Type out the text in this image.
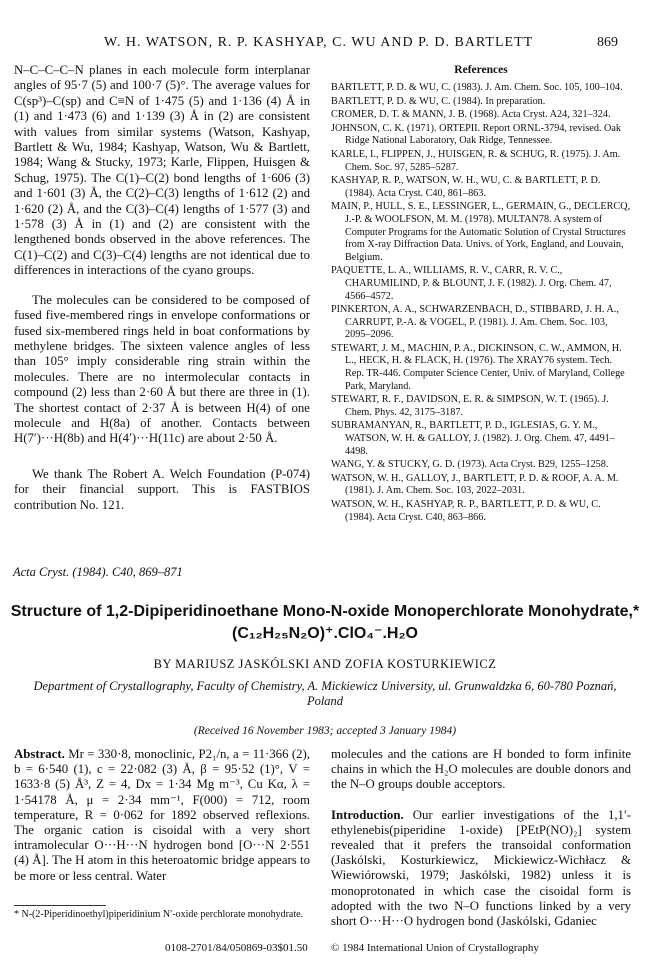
W. H. WATSON, R. P. KASHYAP, C. WU AND P. D. BARTLETT	869

N–C–C–C–N planes in each molecule form interplanar angles of 95·7 (5) and 100·7 (5)°. The average values for C(sp³)–C(sp) and C≡N of 1·475 (5) and 1·136 (4) Å in (1) and 1·473 (6) and 1·139 (3) Å in (2) are consistent with values from similar systems (Watson, Kashyap, Bartlett & Wu, 1984; Kashyap, Watson, Wu & Bartlett, 1984; Wang & Stucky, 1973; Karle, Flippen, Huisgen & Schug, 1975). The C(1)–C(2) bond lengths of 1·606 (3) and 1·601 (3) Å, the C(2)–C(3) lengths of 1·612 (2) and 1·620 (2) Å, and the C(3)–C(4) lengths of 1·577 (3) and 1·578 (3) Å in (1) and (2) are consistent with the lengthened bonds observed in the above references. The C(1)–C(2) and C(3)–C(4) lengths are not identical due to differences in interactions of the cyano groups.

The molecules can be considered to be composed of fused five-membered rings in envelope conformations or fused six-membered rings held in boat conformations by methylene bridges. The sixteen valence angles of less than 105° imply considerable ring strain within the molecules. There are no intermolecular contacts in compound (2) less than 2·60 Å but there are three in (1). The shortest contact of 2·37 Å is between H(4) of one molecule and H(8a) of another. Contacts between H(7′)···H(8b) and H(4′)···H(11c) are about 2·50 Å.

We thank The Robert A. Welch Foundation (P-074) for their financial support. This is FASTBIOS contribution No. 121.

References
BARTLETT, P. D. & WU, C. (1983). J. Am. Chem. Soc. 105, 100–104.
BARTLETT, P. D. & WU, C. (1984). In preparation.
CROMER, D. T. & MANN, J. B. (1968). Acta Cryst. A24, 321–324.
JOHNSON, C. K. (1971). ORTEPII. Report ORNL-3794, revised. Oak Ridge National Laboratory, Oak Ridge, Tennessee.
KARLE, I., FLIPPEN, J., HUISGEN, R. & SCHUG, R. (1975). J. Am. Chem. Soc. 97, 5285–5287.
KASHYAP, R. P., WATSON, W. H., WU, C. & BARTLETT, P. D. (1984). Acta Cryst. C40, 861–863.
MAIN, P., HULL, S. E., LESSINGER, L., GERMAIN, G., DECLERCQ, J.-P. & WOOLFSON, M. M. (1978). MULTAN78. A system of Computer Programs for the Automatic Solution of Crystal Structures from X-ray Diffraction Data. Univs. of York, England, and Louvain, Belgium.
PAQUETTE, L. A., WILLIAMS, R. V., CARR, R. V. C., CHARUMILIND, P. & BLOUNT, J. F. (1982). J. Org. Chem. 47, 4566–4572.
PINKERTON, A. A., SCHWARZENBACH, D., STIBBARD, J. H. A., CARRUPT, P.-A. & VOGEL, P. (1981). J. Am. Chem. Soc. 103, 2095–2096.
STEWART, J. M., MACHIN, P. A., DICKINSON, C. W., AMMON, H. L., HECK, H. & FLACK, H. (1976). The XRAY76 system. Tech. Rep. TR-446. Computer Science Center, Univ. of Maryland, College Park, Maryland.
STEWART, R. F., DAVIDSON, E. R. & SIMPSON, W. T. (1965). J. Chem. Phys. 42, 3175–3187.
SUBRAMANYAN, R., BARTLETT, P. D., IGLESIAS, G. Y. M., WATSON, W. H. & GALLOY, J. (1982). J. Org. Chem. 47, 4491–4498.
WANG, Y. & STUCKY, G. D. (1973). Acta Cryst. B29, 1255–1258.
WATSON, W. H., GALLOY, J., BARTLETT, P. D. & ROOF, A. A. M. (1981). J. Am. Chem. Soc. 103, 2022–2031.
WATSON, W. H., KASHYAP, R. P., BARTLETT, P. D. & WU, C. (1984). Acta Cryst. C40, 863–866.
Acta Cryst. (1984). C40, 869–871
Structure of 1,2-Dipiperidinoethane Mono-N-oxide Monoperchlorate Monohydrate,*
(C₁₂H₂₅N₂O)⁺.ClO₄⁻.H₂O
BY MARIUSZ JASKÓLSKI AND ZOFIA KOSTURKIEWICZ
Department of Crystallography, Faculty of Chemistry, A. Mickiewicz University, ul. Grunwaldzka 6, 60-780 Poznań, Poland
(Received 16 November 1983; accepted 3 January 1984)

Abstract. Mr = 330·8, monoclinic, P2₁/n, a = 11·366 (2), b = 6·540 (1), c = 22·082 (3) Å, β = 95·52 (1)°, V = 1633·8 (5) Å³, Z = 4, Dx = 1·34 Mg m⁻³, Cu Kα, λ = 1·54178 Å, μ = 2·34 mm⁻¹, F(000) = 712, room temperature, R = 0·062 for 1892 observed reflexions. The organic cation is cisoidal with a very short intramolecular O···H···N hydrogen bond [O···N 2·551 (4) Å]. The H atom in this heteroatomic bridge appears to be more or less central. Water

molecules and the cations are H bonded to form infinite chains in which the H₂O molecules are double donors and the N–O groups double acceptors.

Introduction. Our earlier investigations of the 1,1′-ethylenebis(piperidine 1-oxide) [PEtP(NO)₂] system revealed that it prefers the transoidal conformation (Jaskólski, Kosturkiewicz, Mickiewicz-Wichłacz & Wiewiórowski, 1979; Jaskólski, 1982) unless it is monoprotonated in which case the cisoidal form is adopted with the two N–O functions linked by a very short O···H···O hydrogen bond (Jaskólski, Gdaniec

* N-(2-Piperidinoethyl)piperidinium N′-oxide perchlorate monohydrate.

0108-2701/84/050869-03$01.50 © 1984 International Union of Crystallography
